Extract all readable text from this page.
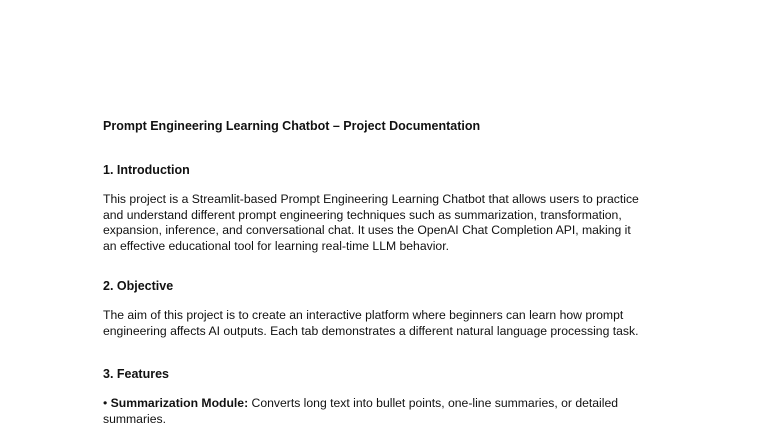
Prompt Engineering Learning Chatbot – Project Documentation

1. Introduction

This project is a Streamlit-based Prompt Engineering Learning Chatbot that allows users to practice

and understand different prompt engineering techniques such as summarization, transformation,

expansion, inference, and conversational chat. It uses the OpenAI Chat Completion API, making it

an effective educational tool for learning real-time LLM behavior.

2. Objective

The aim of this project is to create an interactive platform where beginners can learn how prompt

engineering affects AI outputs. Each tab demonstrates a different natural language processing task.

3. Features

• Summarization Module: Converts long text into bullet points, one-line summaries, or detailed

summaries.
